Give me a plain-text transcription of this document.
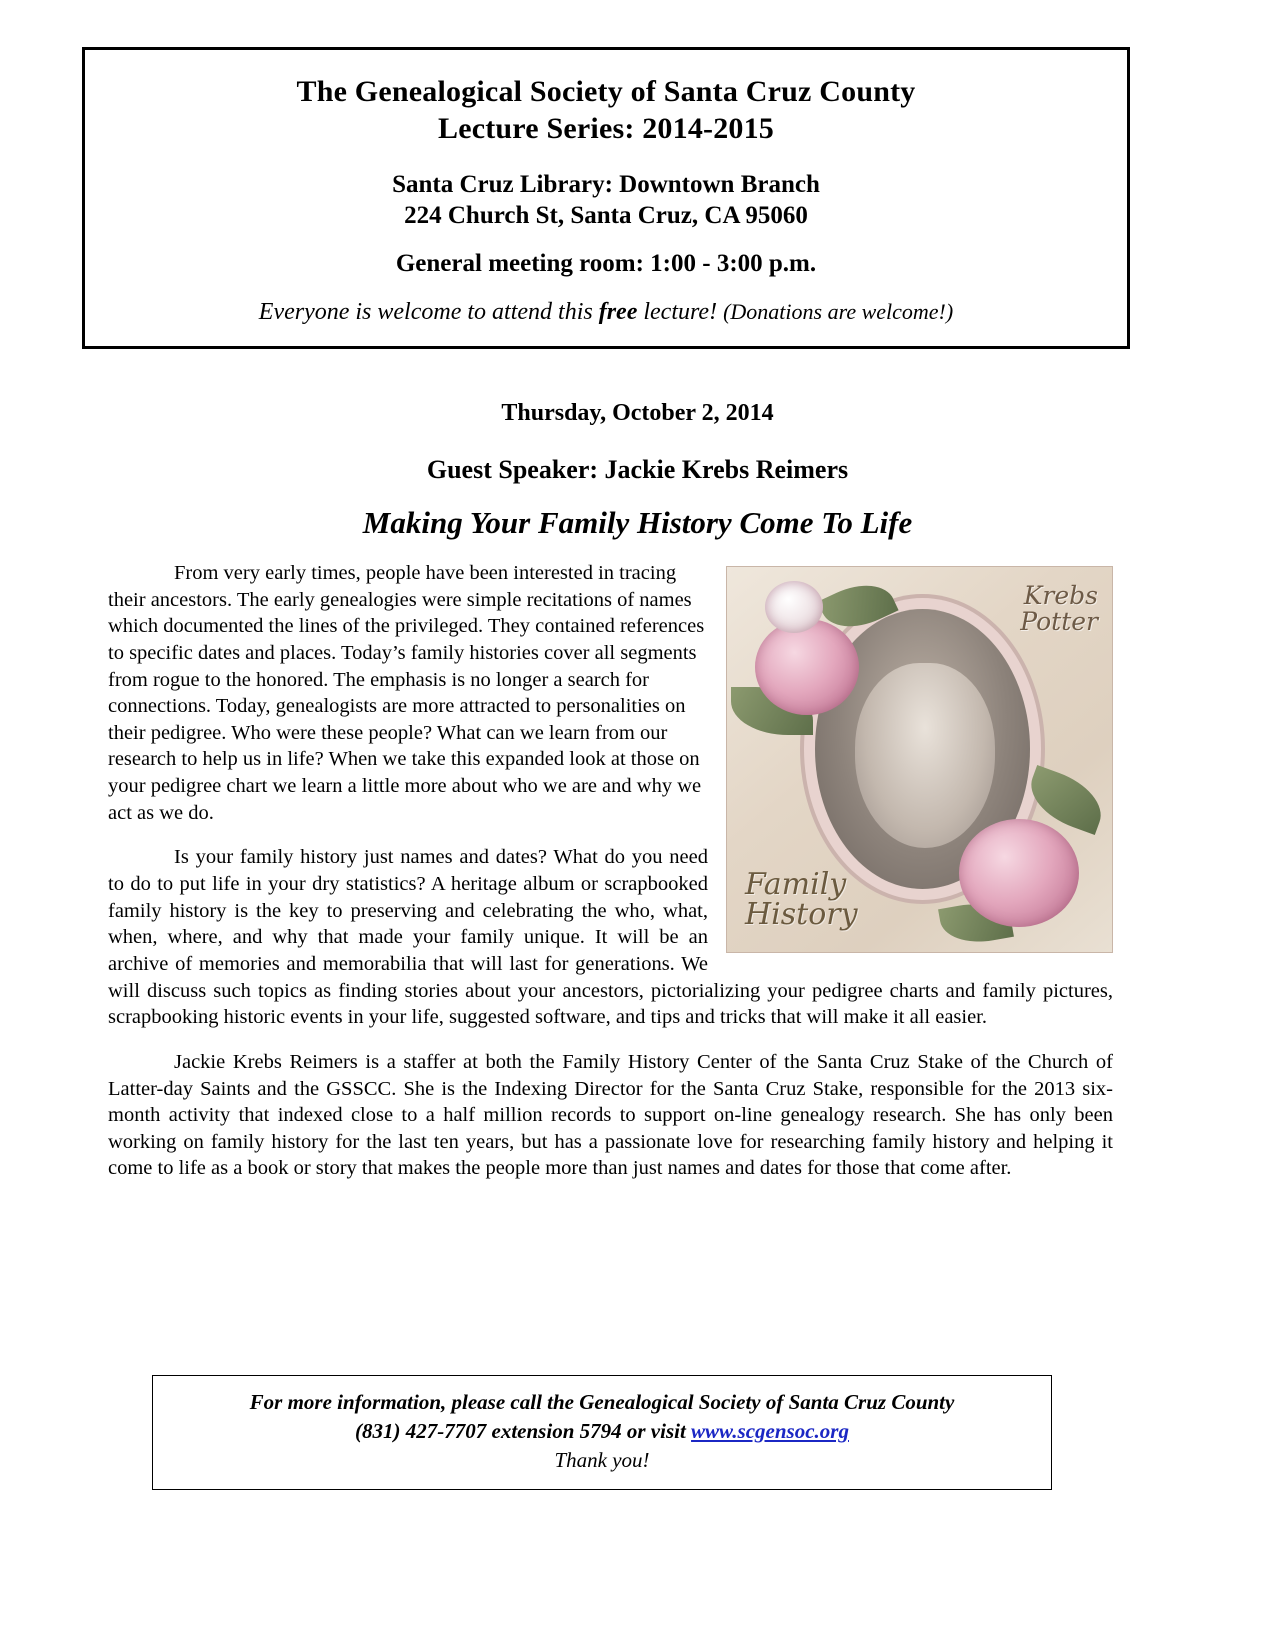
The Genealogical Society of Santa Cruz County
Lecture Series: 2014-2015
Santa Cruz Library: Downtown Branch
224 Church St, Santa Cruz, CA 95060
General meeting room: 1:00 - 3:00 p.m.
Everyone is welcome to attend this free lecture! (Donations are welcome!)
Thursday, October 2, 2014
Guest Speaker: Jackie Krebs Reimers
Making Your Family History Come To Life
Krebs
Potter
Family
History

From very early times, people have been interested in tracing their ancestors. The early genealogies were simple recitations of names which documented the lines of the privileged. They contained references to specific dates and places. Today’s family histories cover all segments from rogue to the honored. The emphasis is no longer a search for connections. Today, genealogists are more attracted to personalities on their pedigree. Who were these people? What can we learn from our research to help us in life? When we take this expanded look at those on your pedigree chart we learn a little more about who we are and why we act as we do.

Is your family history just names and dates? What do you need to do to put life in your dry statistics? A heritage album or scrapbooked family history is the key to preserving and celebrating the who, what, when, where, and why that made your family unique. It will be an archive of memories and memorabilia that will last for generations. We will discuss such topics as finding stories about your ancestors, pictorializing your pedigree charts and family pictures, scrapbooking historic events in your life, suggested software, and tips and tricks that will make it all easier.

Jackie Krebs Reimers is a staffer at both the Family History Center of the Santa Cruz Stake of the Church of Latter-day Saints and the GSSCC. She is the Indexing Director for the Santa Cruz Stake, responsible for the 2013 six-month activity that indexed close to a half million records to support on-line genealogy research. She has only been working on family history for the last ten years, but has a passionate love for researching family history and helping it come to life as a book or story that makes the people more than just names and dates for those that come after.

For more information, please call the Genealogical Society of Santa Cruz County
(831) 427-7707 extension 5794 or visit www.scgensoc.org
Thank you!
